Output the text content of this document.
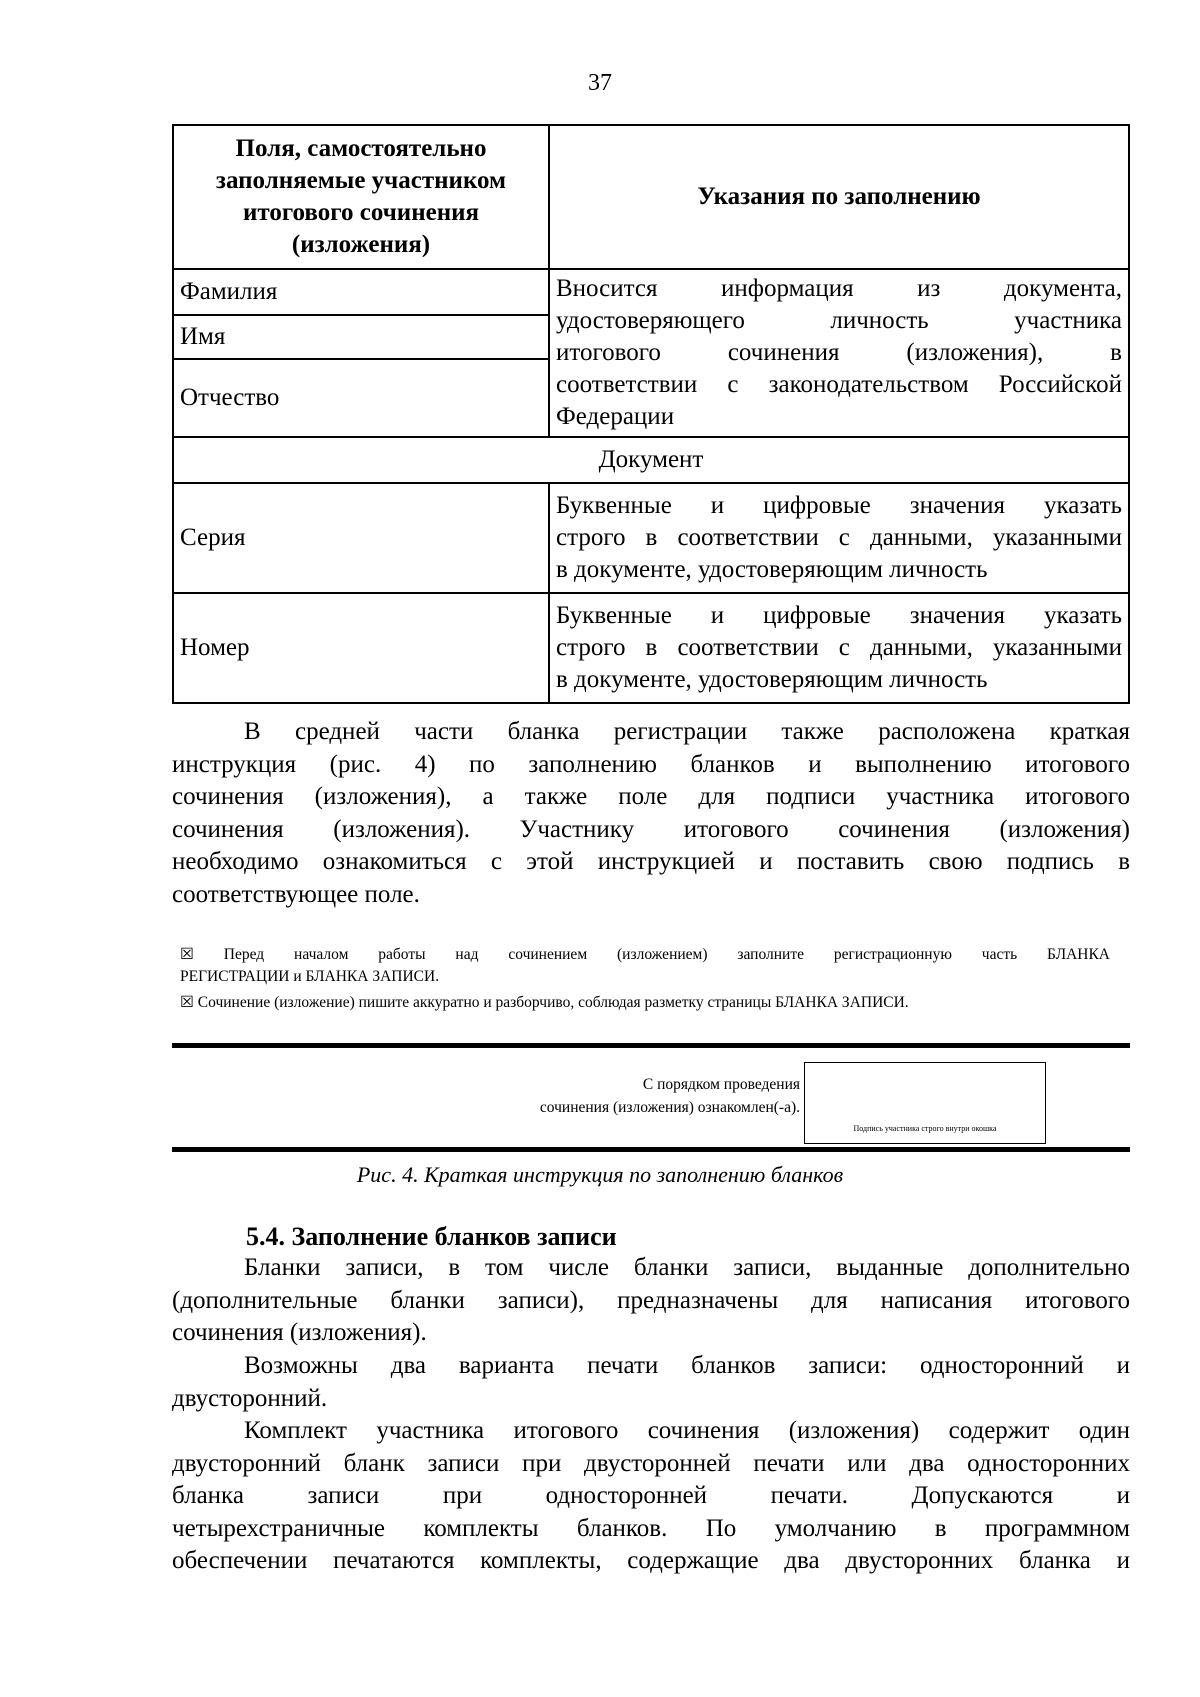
37
Поля, самостоятельно
заполняемые участником
итогового сочинения
(изложения)	Указания по заполнению
Фамилия	Вносится информация из документа,
удостоверяющего личность участника
итогового сочинения (изложения), в
соответствии с законодательством Российской
Федерации

Имя	
Отчество	
Документ	
Серия	Буквенные и цифровые значения указать
строго в соответствии с данными, указанными
в документе, удостоверяющим личность

Номер	Буквенные и цифровые значения указать
строго в соответствии с данными, указанными
в документе, удостоверяющим личность
В средней части бланка регистрации также расположена краткая
инструкция (рис. 4) по заполнению бланков и выполнению итогового
сочинения (изложения), а также поле для подписи участника итогового
сочинения (изложения). Участнику итогового сочинения (изложения)
необходимо ознакомиться с этой инструкцией и поставить свою подпись в
соответствующее поле.
☒ Перед началом работы над сочинением (изложением) заполните регистрационную часть БЛАНКА
РЕГИСТРАЦИИ и БЛАНКА ЗАПИСИ.
☒ Сочинение (изложение) пишите аккуратно и разборчиво, соблюдая разметку страницы БЛАНКА ЗАПИСИ.
С порядком проведения
сочинения (изложения) ознакомлен(-а).
Подпись участника строго внутри окошка
Рис. 4. Краткая инструкция по заполнению бланков
5.4. Заполнение бланков записи
Бланки записи, в том числе бланки записи, выданные дополнительно
(дополнительные бланки записи), предназначены для написания итогового
сочинения (изложения).
Возможны два варианта печати бланков записи: односторонний и
двусторонний.
Комплект участника итогового сочинения (изложения) содержит один
двусторонний бланк записи при двусторонней печати или два односторонних
бланка записи при односторонней печати. Допускаются и
четырехстраничные комплекты бланков. По умолчанию в программном
обеспечении печатаются комплекты, содержащие два двусторонних бланка и
